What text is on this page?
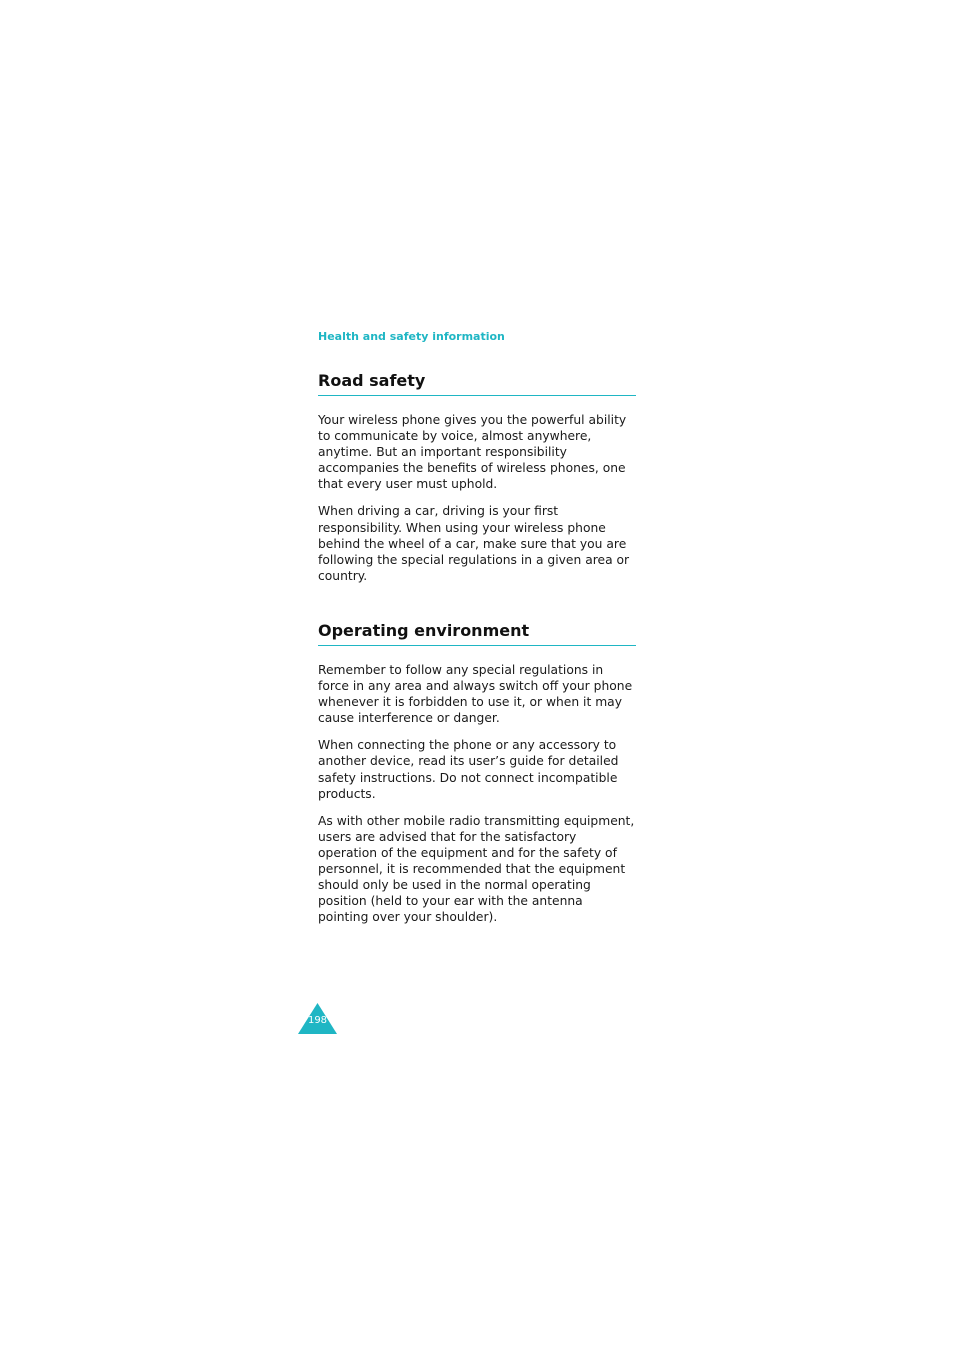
Health and safety information

Road safety

Your wireless phone gives you the powerful ability to communicate by voice, almost anywhere, anytime. But an important responsibility accompanies the benefits of wireless phones, one that every user must uphold.

When driving a car, driving is your first responsibility. When using your wireless phone behind the wheel of a car, make sure that you are following the special regulations in a given area or country.

Operating environment

Remember to follow any special regulations in force in any area and always switch off your phone whenever it is forbidden to use it, or when it may cause interference or danger.

When connecting the phone or any accessory to another device, read its user’s guide for detailed safety instructions. Do not connect incompatible products.

As with other mobile radio transmitting equipment, users are advised that for the satisfactory operation of the equipment and for the safety of personnel, it is recommended that the equipment should only be used in the normal operating position (held to your ear with the antenna pointing over your shoulder).

198
